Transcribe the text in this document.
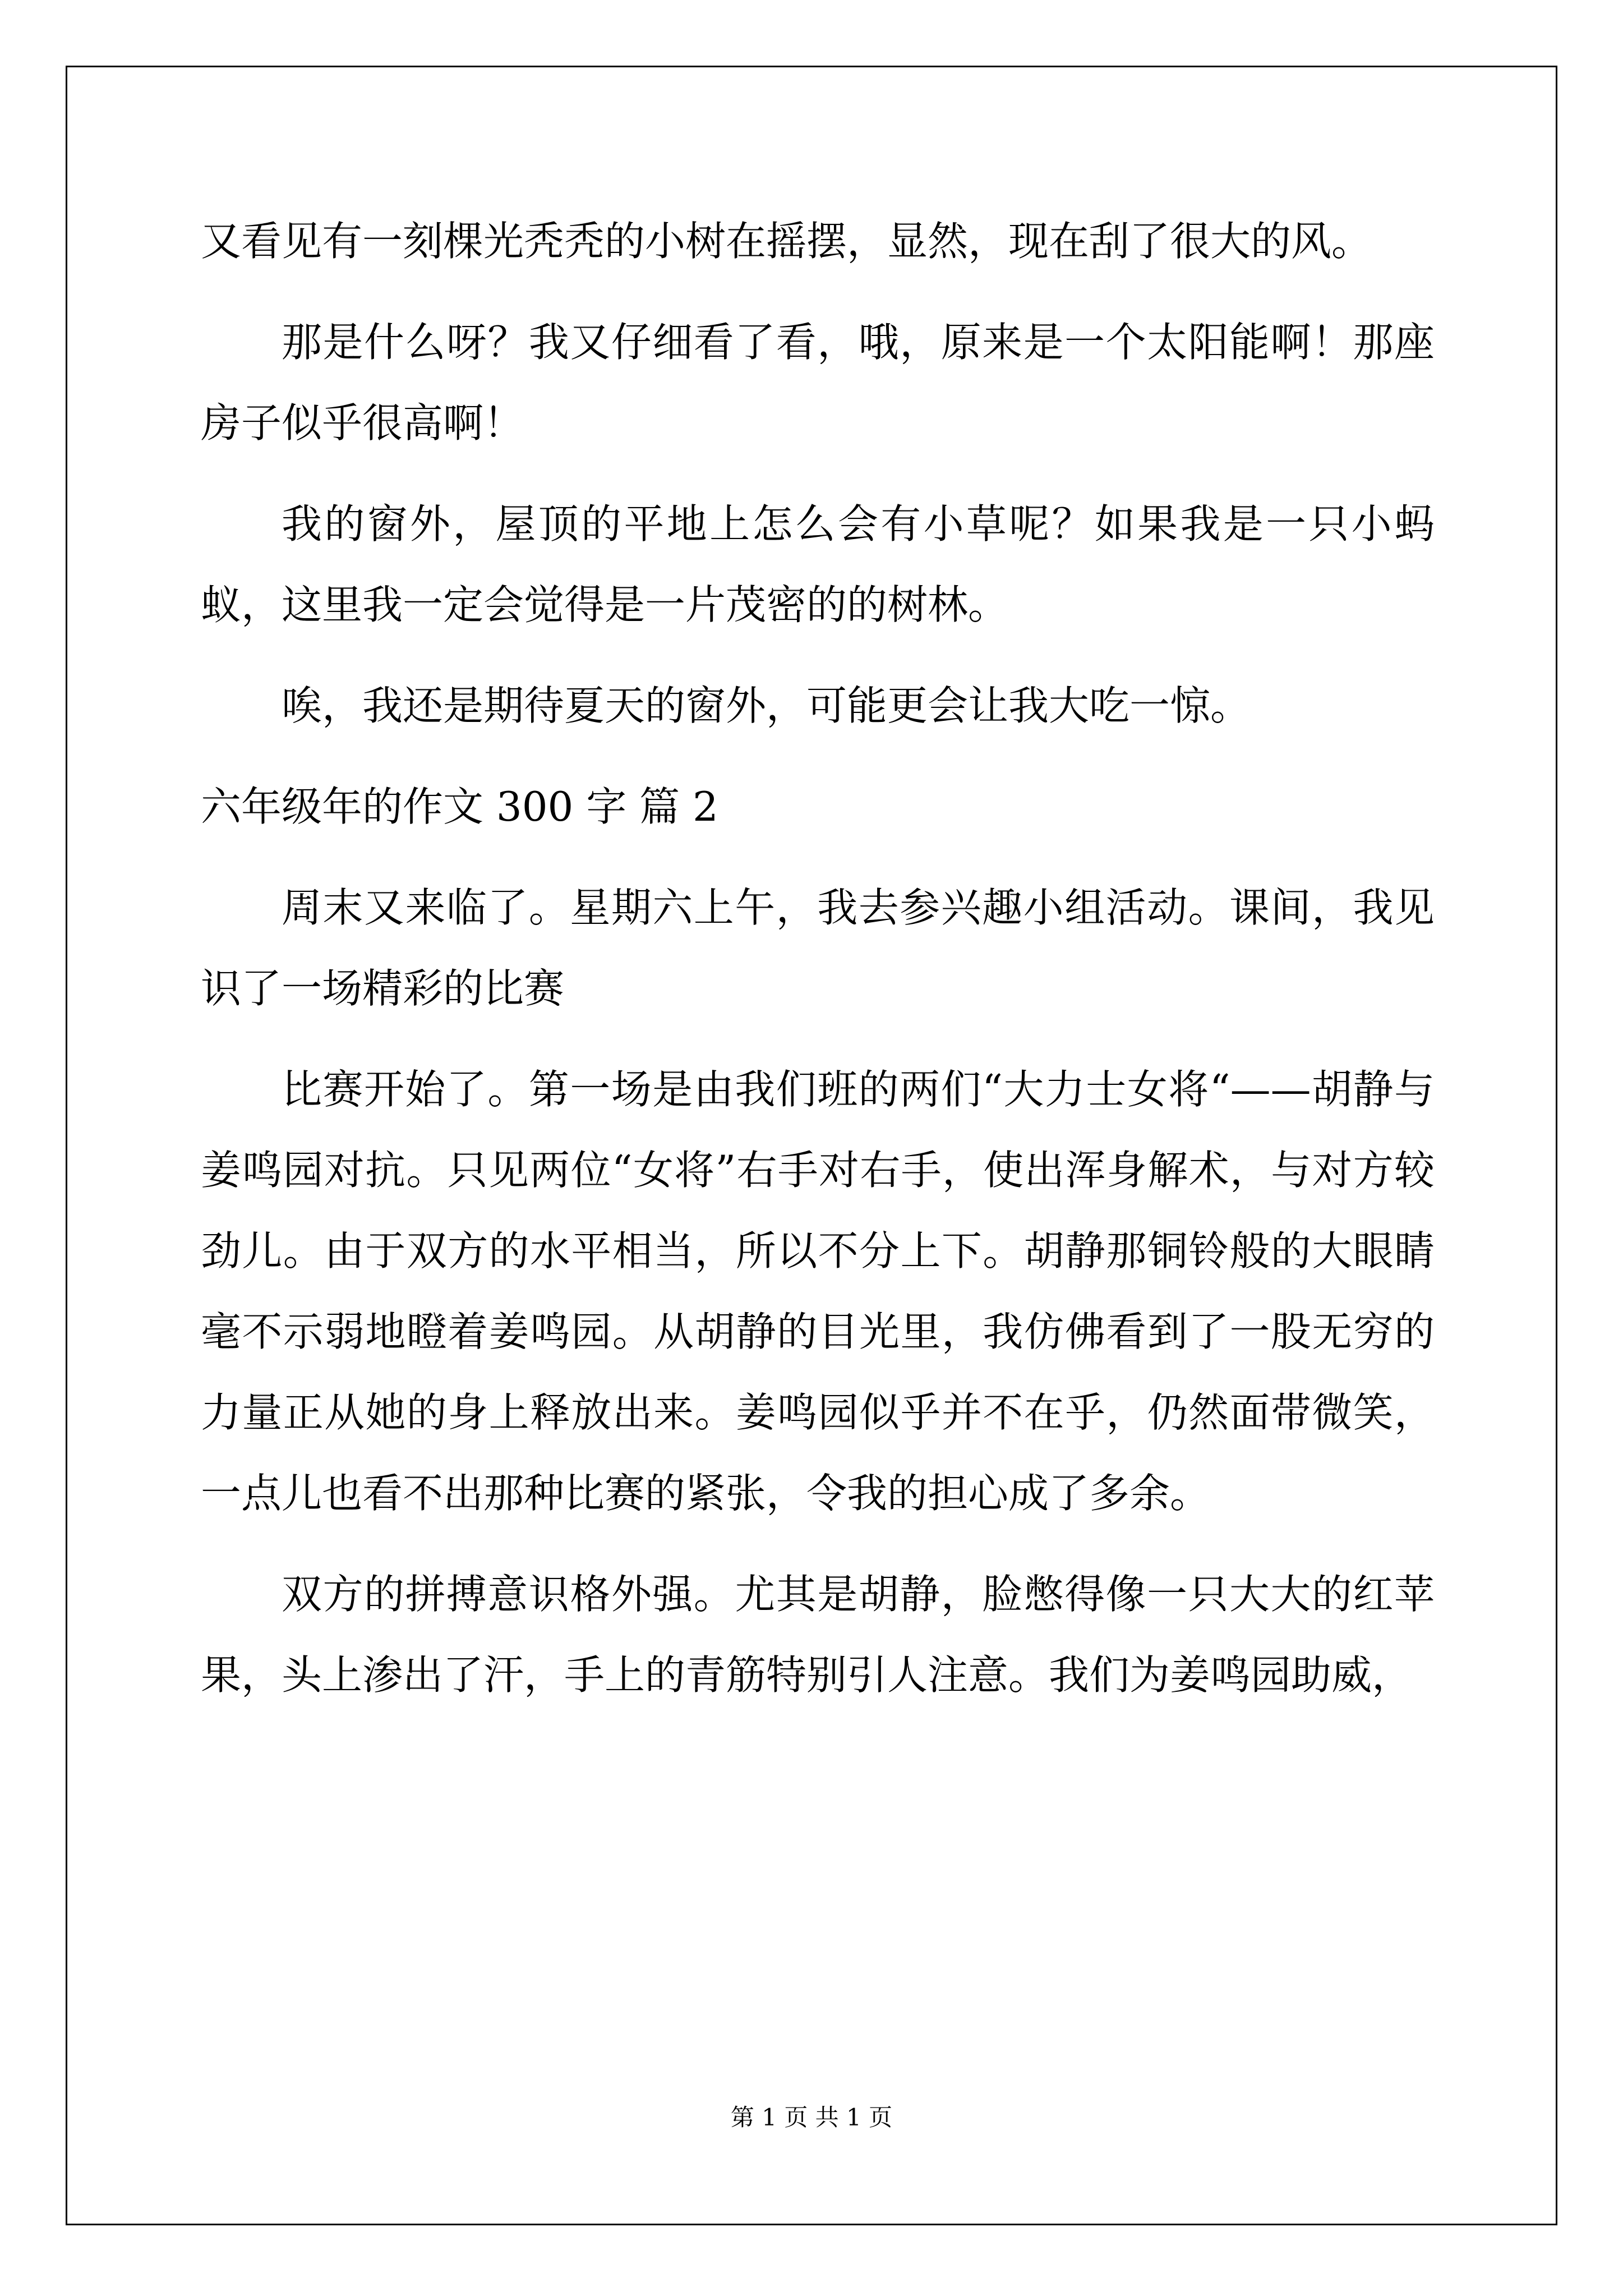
又看见有一刻棵光秃秃的小树在摇摆，显然，现在刮了很大的风。

那是什么呀？我又仔细看了看，哦，原来是一个太阳能啊！那座房子似乎很高啊！

我的窗外，屋顶的平地上怎么会有小草呢？如果我是一只小蚂蚁，这里我一定会觉得是一片茂密的的树林。

唉，我还是期待夏天的窗外，可能更会让我大吃一惊。

六年级年的作文 300 字 篇 2

周末又来临了。星期六上午，我去参兴趣小组活动。课间，我见识了一场精彩的比赛

比赛开始了。第一场是由我们班的两们“大力士女将“——胡静与姜鸣园对抗。只见两位“女将”右手对右手，使出浑身解术，与对方较劲儿。由于双方的水平相当，所以不分上下。胡静那铜铃般的大眼睛毫不示弱地瞪着姜鸣园。从胡静的目光里，我仿佛看到了一股无穷的力量正从她的身上释放出来。姜鸣园似乎并不在乎，仍然面带微笑，一点儿也看不出那种比赛的紧张，令我的担心成了多余。

双方的拼搏意识格外强。尤其是胡静，脸憋得像一只大大的红苹果，头上渗出了汗，手上的青筋特别引人注意。我们为姜鸣园助威，

第 1 页 共 1 页
